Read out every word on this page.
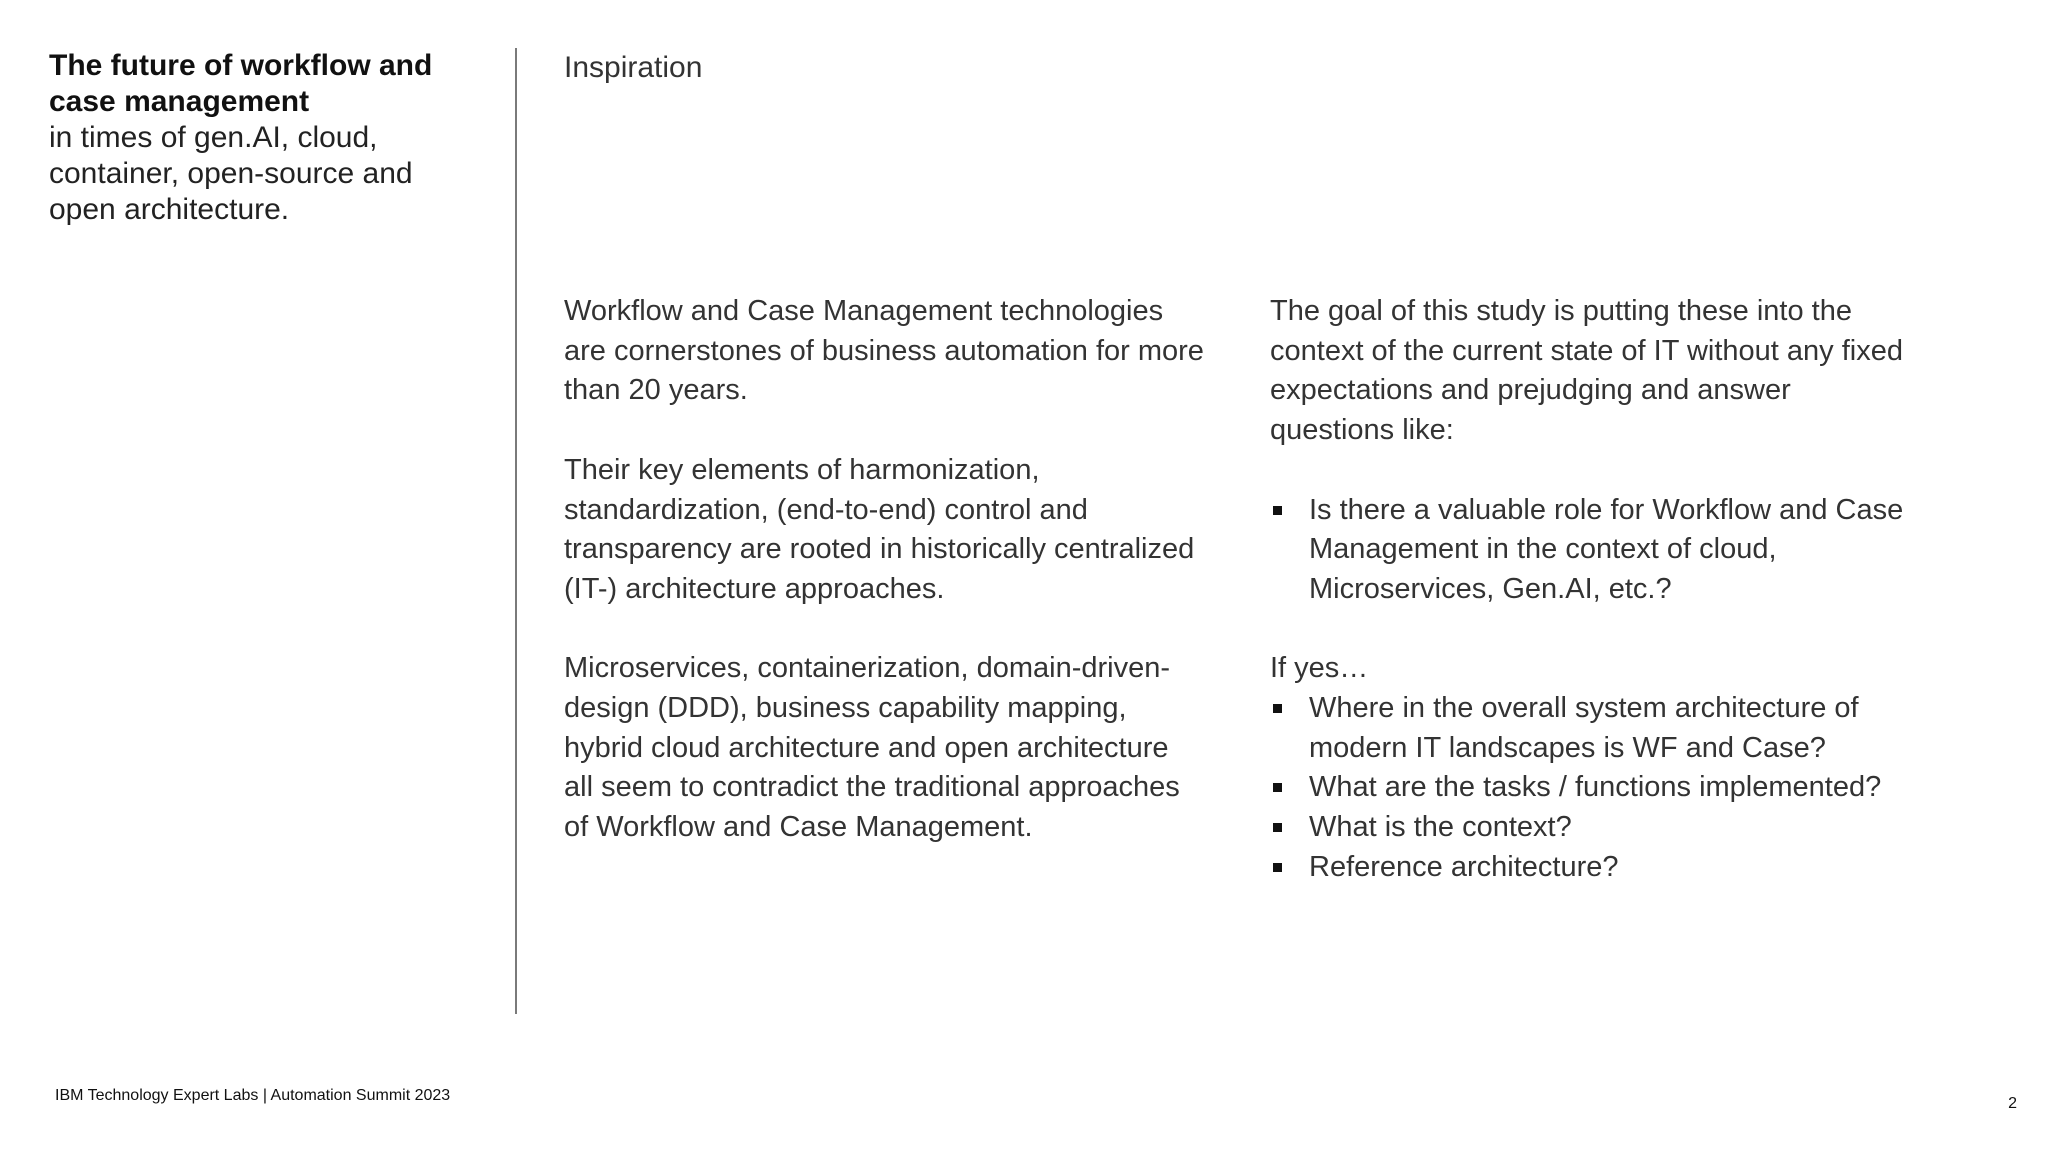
The future of workflow and case management
in times of gen.AI, cloud, container, open-source and open architecture.
Inspiration

Workflow and Case Management technologies are cornerstones of business automation for more than 20 years.

Their key elements of harmonization, standardization, (end-to-end) control and transparency are rooted in historically centralized (IT-) architecture approaches.

Microservices, containerization, domain-driven-design (DDD), business capability mapping, hybrid cloud architecture and open architecture all seem to contradict the traditional approaches of Workflow and Case Management.

The goal of this study is putting these into the context of the current state of IT without any fixed expectations and prejudging and answer questions like:

Is there a valuable role for Workflow and Case Management in the context of cloud, Microservices, Gen.AI, etc.?

If yes…

Where in the overall system architecture of modern IT landscapes is WF and Case?
What are the tasks / functions implemented?
What is the context?
Reference architecture?
IBM Technology Expert Labs | Automation Summit 2023	2
